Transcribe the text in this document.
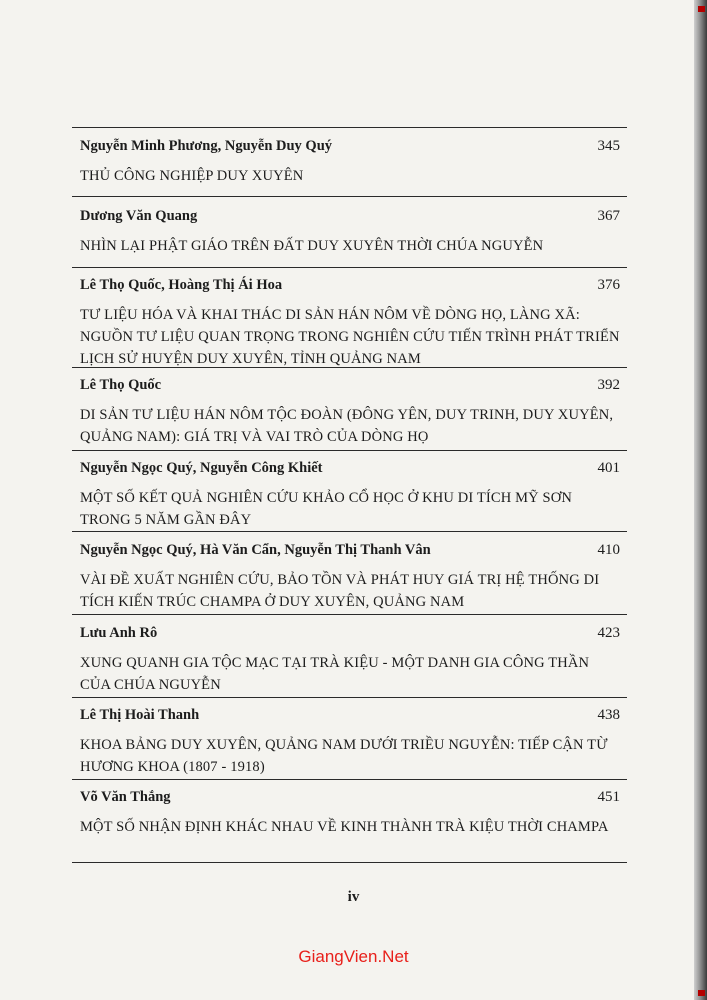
Nguyễn Minh Phương, Nguyễn Duy Quý	345
THỦ CÔNG NGHIỆP DUY XUYÊN
Dương Văn Quang	367
NHÌN LẠI PHẬT GIÁO TRÊN ĐẤT DUY XUYÊN THỜI CHÚA NGUYỄN
Lê Thọ Quốc, Hoàng Thị Ái Hoa	376
TƯ LIỆU HÓA VÀ KHAI THÁC DI SẢN HÁN NÔM VỀ DÒNG HỌ, LÀNG XÃ: NGUỒN TƯ LIỆU QUAN TRỌNG TRONG NGHIÊN CỨU TIẾN TRÌNH PHÁT TRIỂN LỊCH SỬ HUYỆN DUY XUYÊN, TỈNH QUẢNG NAM
Lê Thọ Quốc	392
DI SẢN TƯ LIỆU HÁN NÔM TỘC ĐOÀN (ĐÔNG YÊN, DUY TRINH, DUY XUYÊN, QUẢNG NAM): GIÁ TRỊ VÀ VAI TRÒ CỦA DÒNG HỌ
Nguyễn Ngọc Quý, Nguyễn Công Khiết	401
MỘT SỐ KẾT QUẢ NGHIÊN CỨU KHẢO CỔ HỌC Ở KHU DI TÍCH MỸ SƠN TRONG 5 NĂM GẦN ĐÂY
Nguyễn Ngọc Quý, Hà Văn Cẩn, Nguyễn Thị Thanh Vân	410
VÀI ĐỀ XUẤT NGHIÊN CỨU, BẢO TỒN VÀ PHÁT HUY GIÁ TRỊ HỆ THỐNG DI TÍCH KIẾN TRÚC CHAMPA Ở DUY XUYÊN, QUẢNG NAM
Lưu Anh Rô	423
XUNG QUANH GIA TỘC MẠC TẠI TRÀ KIỆU - MỘT DANH GIA CÔNG THẦN CỦA CHÚA NGUYỄN
Lê Thị Hoài Thanh	438
KHOA BẢNG DUY XUYÊN, QUẢNG NAM DƯỚI TRIỀU NGUYỄN: TIẾP CẬN TỪ HƯƠNG KHOA (1807 - 1918)
Võ Văn Thắng	451
MỘT SỐ NHẬN ĐỊNH KHÁC NHAU VỀ KINH THÀNH TRÀ KIỆU THỜI CHAMPA
iv
GiangVien.Net
